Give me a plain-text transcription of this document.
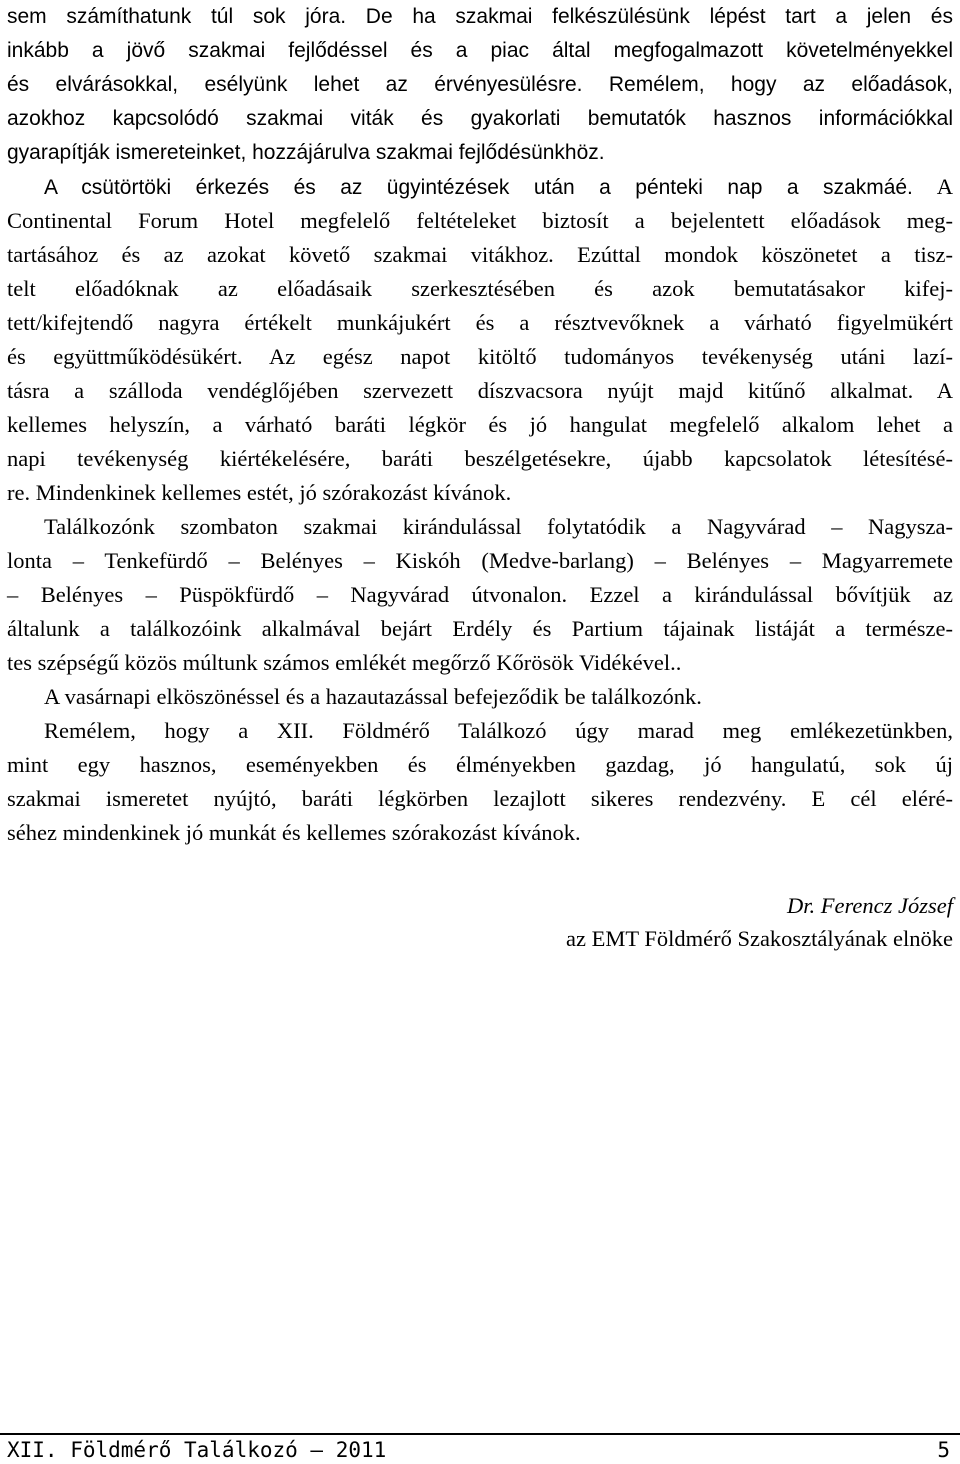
sem számíthatunk túl sok jóra. De ha szakmai felkészülésünk lépést tart a jelen és
inkább a jövő szakmai fejlődéssel és a piac által megfogalmazott követelményekkel
és elvárásokkal, esélyünk lehet az érvényesülésre. Remélem, hogy az előadások,
azokhoz kapcsolódó szakmai viták és gyakorlati bemutatók hasznos információkkal
gyarapítják ismereteinket, hozzájárulva szakmai fejlődésünkhöz.
A csütörtöki érkezés és az ügyintézések után a pénteki nap a szakmáé. A
Continental Forum Hotel megfelelő feltételeket biztosít a bejelentett előadások meg-
tartásához és az azokat követő szakmai vitákhoz. Ezúttal mondok köszönetet a tisz-
telt előadóknak az előadásaik szerkesztésében és azok bemutatásakor kifej-
tett/kifejtendő nagyra értékelt munkájukért és a résztvevőknek a várható figyelmükért
és együttműködésükért. Az egész napot kitöltő tudományos tevékenység utáni lazí-
tásra a szálloda vendéglőjében szervezett díszvacsora nyújt majd kitűnő alkalmat. A
kellemes helyszín, a várható baráti légkör és jó hangulat megfelelő alkalom lehet a
napi tevékenység kiértékelésére, baráti beszélgetésekre, újabb kapcsolatok létesítésé-
re. Mindenkinek kellemes estét, jó szórakozást kívánok.
Találkozónk szombaton szakmai kirándulással folytatódik a Nagyvárad – Nagysza-
lonta – Tenkefürdő – Belényes – Kiskóh (Medve-barlang) – Belényes – Magyarremete
– Belényes – Püspökfürdő – Nagyvárad útvonalon. Ezzel a kirándulással bővítjük az
általunk a találkozóink alkalmával bejárt Erdély és Partium tájainak listáját a természe-
tes szépségű közös múltunk számos emlékét megőrző Kőrösök Vidékével..
A vasárnapi elköszönéssel és a hazautazással befejeződik be találkozónk.
Remélem, hogy a XII. Földmérő Találkozó úgy marad meg emlékezetünkben,
mint egy hasznos, eseményekben és élményekben gazdag, jó hangulatú, sok új
szakmai ismeretet nyújtó, baráti légkörben lezajlott sikeres rendezvény. E cél eléré-
séhez mindenkinek jó munkát és kellemes szórakozást kívánok.
Dr. Ferencz József
az EMT Földmérő Szakosztályának elnöke
XII. Földmérő Találkozó – 2011	5
